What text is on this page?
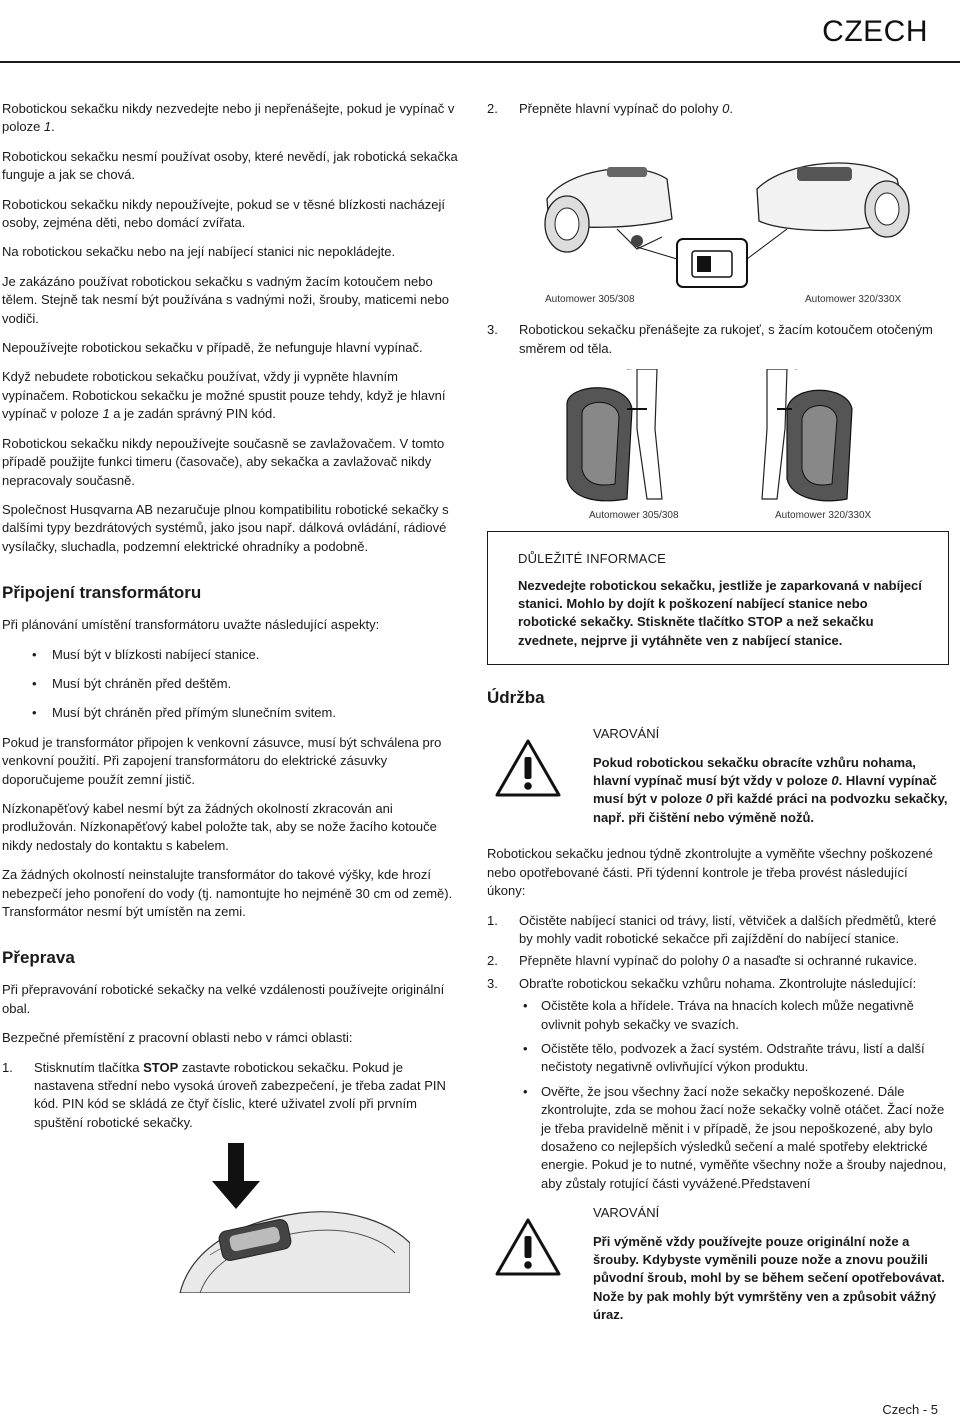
CZECH

Robotickou sekačku nikdy nezvedejte nebo ji nepřenášejte, pokud je vypínač v poloze 1.

Robotickou sekačku nesmí používat osoby, které nevědí, jak robotická sekačka funguje a jak se chová.

Robotickou sekačku nikdy nepoužívejte, pokud se v těsné blízkosti nacházejí osoby, zejména děti, nebo domácí zvířata.

Na robotickou sekačku nebo na její nabíjecí stanici nic nepokládejte.

Je zakázáno používat robotickou sekačku s vadným žacím kotoučem nebo tělem. Stejně tak nesmí být používána s vadnými noži, šrouby, maticemi nebo vodiči.

Nepoužívejte robotickou sekačku v případě, že nefunguje hlavní vypínač.

Když nebudete robotickou sekačku používat, vždy ji vypněte hlavním vypínačem. Robotickou sekačku je možné spustit pouze tehdy, když je hlavní vypínač v poloze 1 a je zadán správný PIN kód.

Robotickou sekačku nikdy nepoužívejte současně se zavlažovačem. V tomto případě použijte funkci timeru (časovače), aby sekačka a zavlažovač nikdy nepracovaly současně.

Společnost Husqvarna AB nezaručuje plnou kompatibilitu robotické sekačky s dalšími typy bezdrátových systémů, jako jsou např. dálková ovládání, rádiové vysílačky, sluchadla, podzemní elektrické ohradníky a podobně.

Připojení transformátoru

Při plánování umístění transformátoru uvažte následující aspekty:

• Musí být v blízkosti nabíjecí stanice.
• Musí být chráněn před deštěm.
• Musí být chráněn před přímým slunečním svitem.

Pokud je transformátor připojen k venkovní zásuvce, musí být schválena pro venkovní použití. Při zapojení transformátoru do elektrické zásuvky doporučujeme použít zemní jistič.

Nízkonapěťový kabel nesmí být za žádných okolností zkracován ani prodlužován. Nízkonapěťový kabel položte tak, aby se nože žacího kotouče nikdy nedostaly do kontaktu s kabelem.

Za žádných okolností neinstalujte transformátor do takové výšky, kde hrozí nebezpečí jeho ponoření do vody (tj. namontujte ho nejméně 30 cm od země). Transformátor nesmí být umístěn na zemi.

Přeprava

Při přepravování robotické sekačky na velké vzdálenosti používejte originální obal.

Bezpečné přemístění z pracovní oblasti nebo v rámci oblasti:

1. Stisknutím tlačítka STOP zastavte robotickou sekačku. Pokud je nastavena střední nebo vysoká úroveň zabezpečení, je třeba zadat PIN kód. PIN kód se skládá ze čtyř číslic, které uživatel zvolí při prvním spuštění robotické sekačky.
2. Přepněte hlavní vypínač do polohy 0.
Automower 305/308	Automower 320/330X
3. Robotickou sekačku přenášejte za rukojeť, s žacím kotoučem otočeným směrem od těla.
Automower 305/308	Automower 320/330X
DŮLEŽITÉ INFORMACE
Nezvedejte robotickou sekačku, jestliže je zaparkovaná v nabíjecí stanici. Mohlo by dojít k poškození nabíjecí stanice nebo robotické sekačky. Stiskněte tlačítko STOP a než sekačku zvednete, nejprve ji vytáhněte ven z nabíjecí stanice.
Údržba
VAROVÁNÍ
Pokud robotickou sekačku obracíte vzhůru nohama, hlavní vypínač musí být vždy v poloze 0. Hlavní vypínač musí být v poloze 0 při každé práci na podvozku sekačky, např. při čištění nebo výměně nožů.

Robotickou sekačku jednou týdně zkontrolujte a vyměňte všechny poškozené nebo opotřebované části. Při týdenní kontrole je třeba provést následující úkony:

1. Očistěte nabíjecí stanici od trávy, listí, větviček a dalších předmětů, které by mohly vadit robotické sekačce při zajíždění do nabíjecí stanice.
2. Přepněte hlavní vypínač do polohy 0 a nasaďte si ochranné rukavice.
3. Obraťte robotickou sekačku vzhůru nohama. Zkontrolujte následující:
• Očistěte kola a hřídele. Tráva na hnacích kolech může negativně ovlivnit pohyb sekačky ve svazích.
• Očistěte tělo, podvozek a žací systém. Odstraňte trávu, listí a další nečistoty negativně ovlivňující výkon produktu.
• Ověřte, že jsou všechny žací nože sekačky nepoškozené. Dále zkontrolujte, zda se mohou žací nože sekačky volně otáčet. Žací nože je třeba pravidelně měnit i v případě, že jsou nepoškozené, aby bylo dosaženo co nejlepších výsledků sečení a malé spotřeby elektrické energie. Pokud je to nutné, vyměňte všechny nože a šrouby najednou, aby zůstaly rotující části vyvážené.Představení
VAROVÁNÍ
Při výměně vždy používejte pouze originální nože a šrouby. Kdybyste vyměnili pouze nože a znovu použili původní šroub, mohl by se během sečení opotřebovávat. Nože by pak mohly být vymrštěny ven a způsobit vážný úraz.
Czech - 5
